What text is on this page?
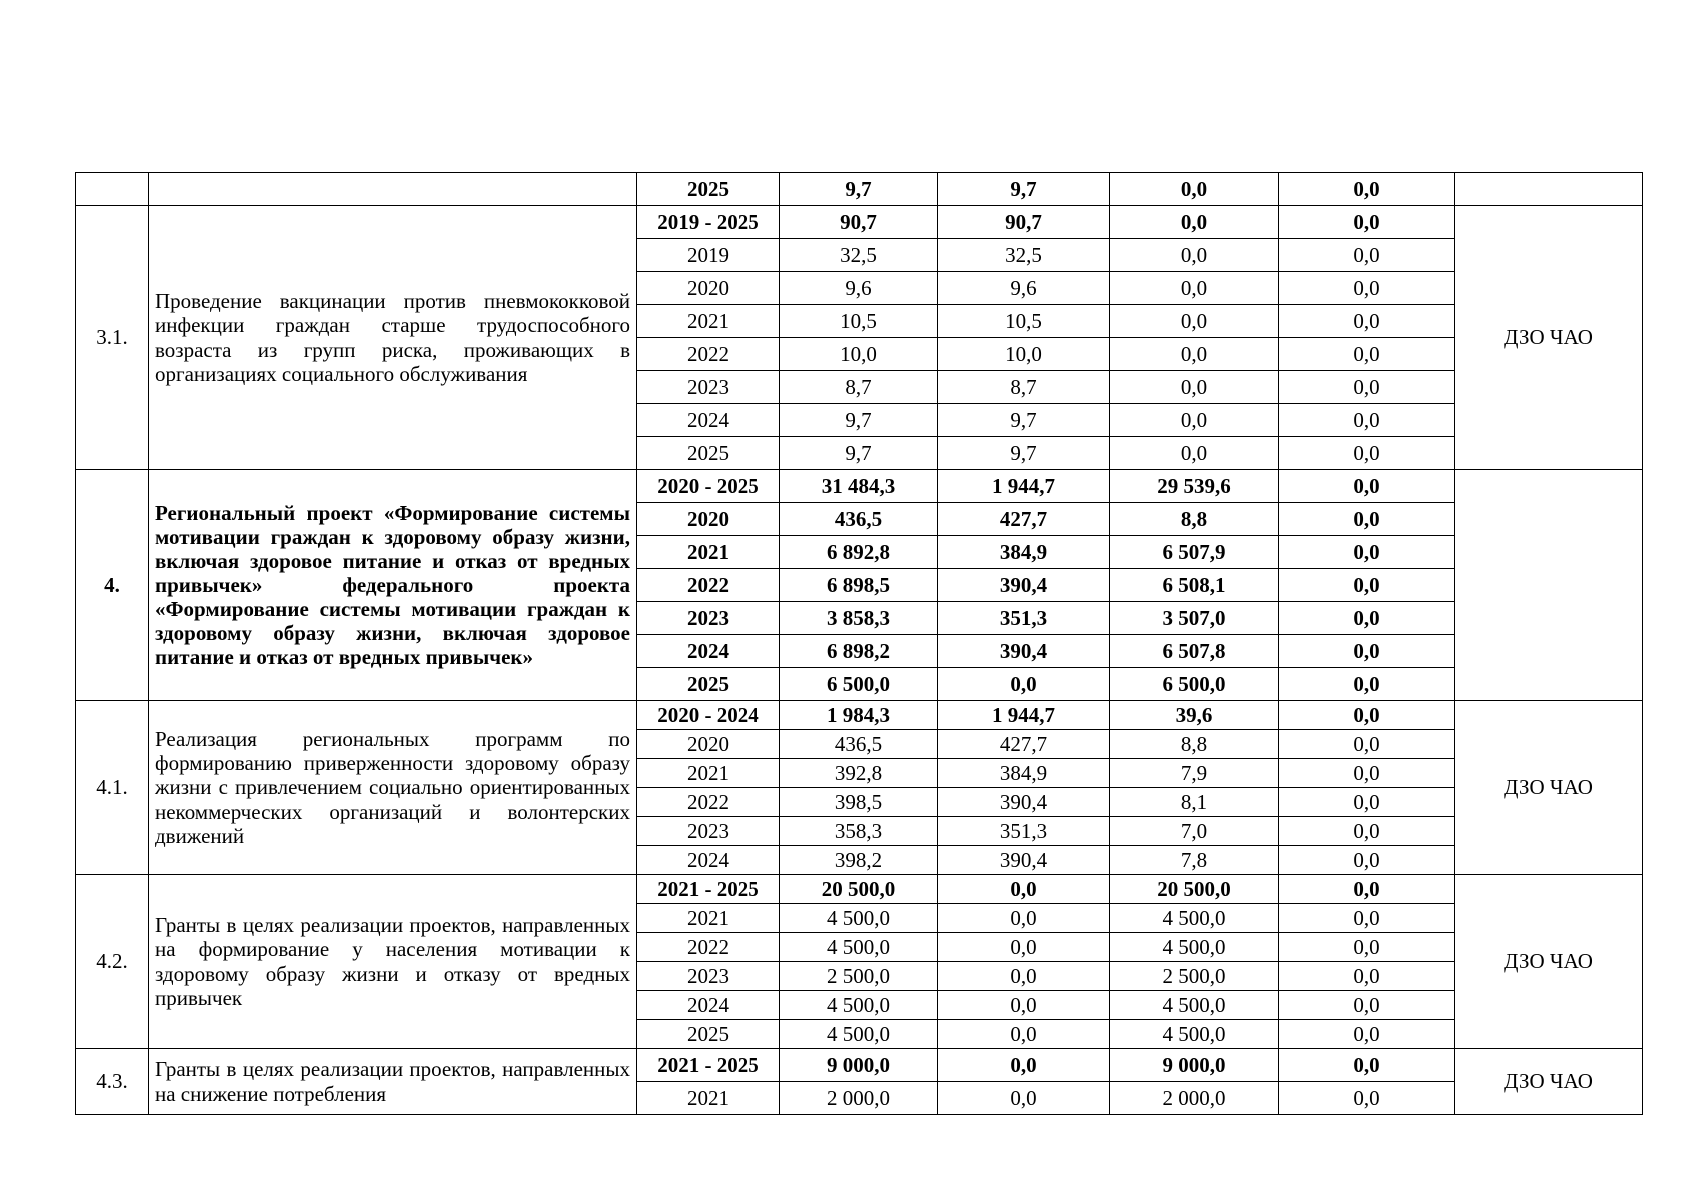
		2025	9,7	9,7	0,0	0,0	
3.1.	Проведение вакцинации против пневмококковой инфекции граждан старше трудоспособного возраста из групп риска, проживающих в организациях социального обслуживания	2019 - 2025	90,7	90,7	0,0	0,0	ДЗО ЧАО
		2019	32,5	32,5	0,0	0,0	
		2020	9,6	9,6	0,0	0,0	
		2021	10,5	10,5	0,0	0,0	
		2022	10,0	10,0	0,0	0,0	
		2023	8,7	8,7	0,0	0,0	
		2024	9,7	9,7	0,0	0,0	
		2025	9,7	9,7	0,0	0,0	
4.	Региональный проект «Формирование системы мотивации граждан к здоровому образу жизни, включая здоровое питание и отказ от вредных привычек» федерального проекта «Формирование системы мотивации граждан к здоровому образу жизни, включая здоровое питание и отказ от вредных привычек»	2020 - 2025	31 484,3	1 944,7	29 539,6	0,0	
		2020	436,5	427,7	8,8	0,0	
		2021	6 892,8	384,9	6 507,9	0,0	
		2022	6 898,5	390,4	6 508,1	0,0	
		2023	3 858,3	351,3	3 507,0	0,0	
		2024	6 898,2	390,4	6 507,8	0,0	
		2025	6 500,0	0,0	6 500,0	0,0	
4.1.	Реализация региональных программ по формированию приверженности здоровому образу жизни с привлечением социально ориентированных некоммерческих организаций и волонтерских движений	2020 - 2024	1 984,3	1 944,7	39,6	0,0	ДЗО ЧАО
		2020	436,5	427,7	8,8	0,0	
		2021	392,8	384,9	7,9	0,0	
		2022	398,5	390,4	8,1	0,0	
		2023	358,3	351,3	7,0	0,0	
		2024	398,2	390,4	7,8	0,0	
4.2.	Гранты в целях реализации проектов, направленных на формирование у населения мотивации к здоровому образу жизни и отказу от вредных привычек	2021 - 2025	20 500,0	0,0	20 500,0	0,0	ДЗО ЧАО
		2021	4 500,0	0,0	4 500,0	0,0	
		2022	4 500,0	0,0	4 500,0	0,0	
		2023	2 500,0	0,0	2 500,0	0,0	
		2024	4 500,0	0,0	4 500,0	0,0	
		2025	4 500,0	0,0	4 500,0	0,0	
4.3.	Гранты в целях реализации проектов, направленных на снижение потребления	2021 - 2025	9 000,0	0,0	9 000,0	0,0	ДЗО ЧАО
		2021	2 000,0	0,0	2 000,0	0,0	
